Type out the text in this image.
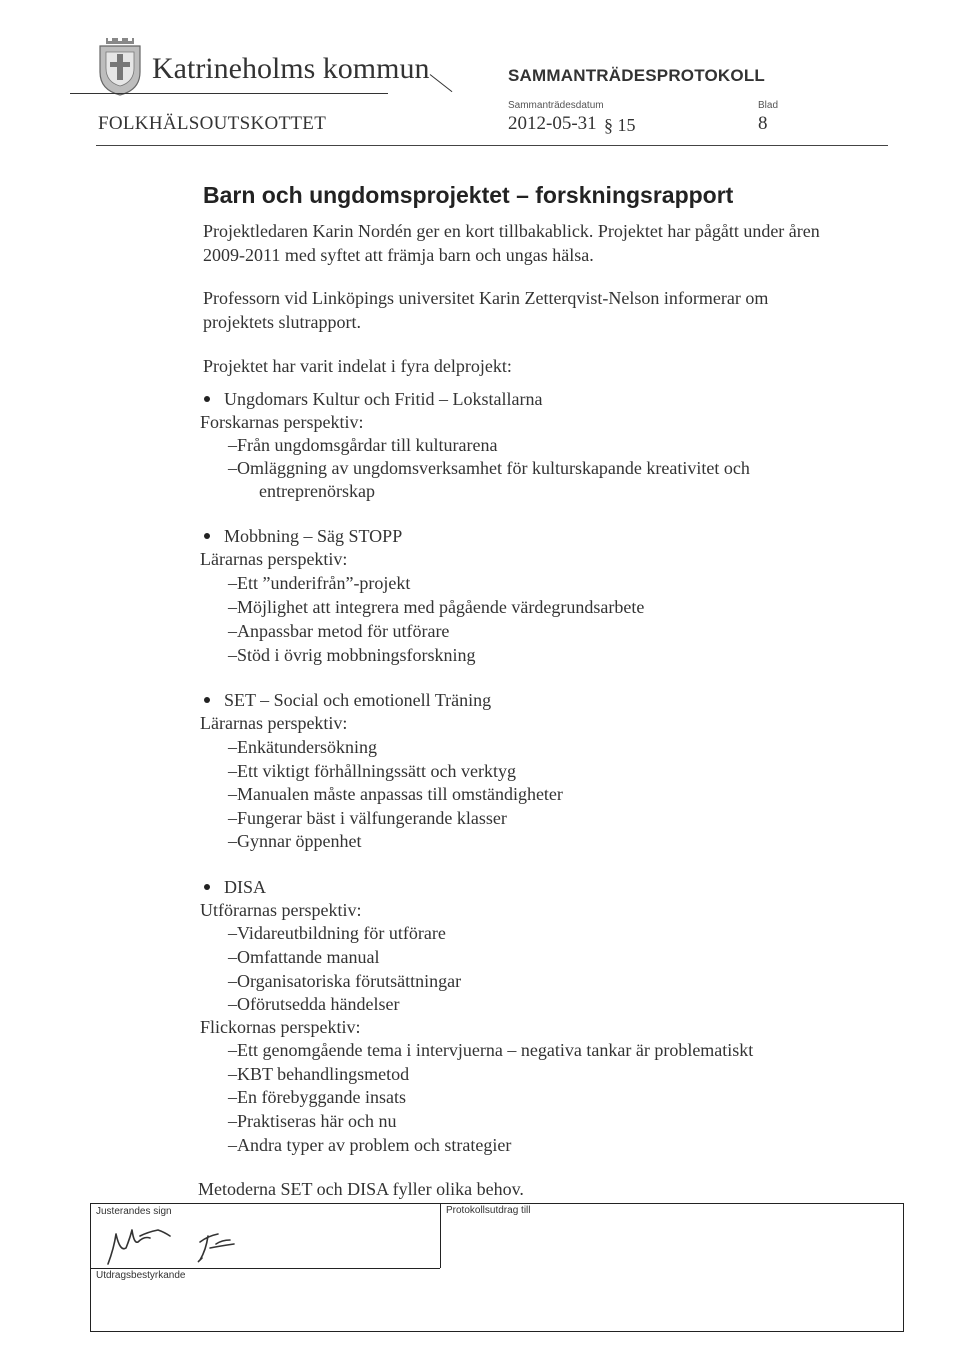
Katrineholms kommun	SAMMANTRÄDESPROTOKOLL
Sammanträdesdatum	Blad
FOLKHÄLSOUTSKOTTET	2012-05-31 § 15	8
Barn och ungdomsprojektet – forskningsrapport
Projektledaren Karin Nordén ger en kort tillbakablick. Projektet har pågått under åren
2009-2011 med syftet att främja barn och ungas hälsa.
Professorn vid Linköpings universitet Karin Zetterqvist-Nelson informerar om
projektets slutrapport.
Projektet har varit indelat i fyra delprojekt:
Ungdomars Kultur och Fritid – Lokstallarna
Forskarnas perspektiv:
–Från ungdomsgårdar till kulturarena
–Omläggning av ungdomsverksamhet för kulturskapande kreativitet och
entreprenörskap
Mobbning – Säg STOPP
Lärarnas perspektiv:
–Ett ”underifrån”-projekt
–Möjlighet att integrera med pågående värdegrundsarbete
–Anpassbar metod för utförare
–Stöd i övrig mobbningsforskning
SET – Social och emotionell Träning
Lärarnas perspektiv:
–Enkätundersökning
–Ett viktigt förhållningssätt och verktyg
–Manualen måste anpassas till omständigheter
–Fungerar bäst i välfungerande klasser
–Gynnar öppenhet
DISA
Utförarnas perspektiv:
–Vidareutbildning för utförare
–Omfattande manual
–Organisatoriska förutsättningar
–Oförutsedda händelser
Flickornas perspektiv:
–Ett genomgående tema i intervjuerna – negativa tankar är problematiskt
–KBT behandlingsmetod
–En förebyggande insats
–Praktiseras här och nu
–Andra typer av problem och strategier
Metoderna SET och DISA fyller olika behov.
Justerandes sign	Protokollsutdrag till
Utdragsbestyrkande
